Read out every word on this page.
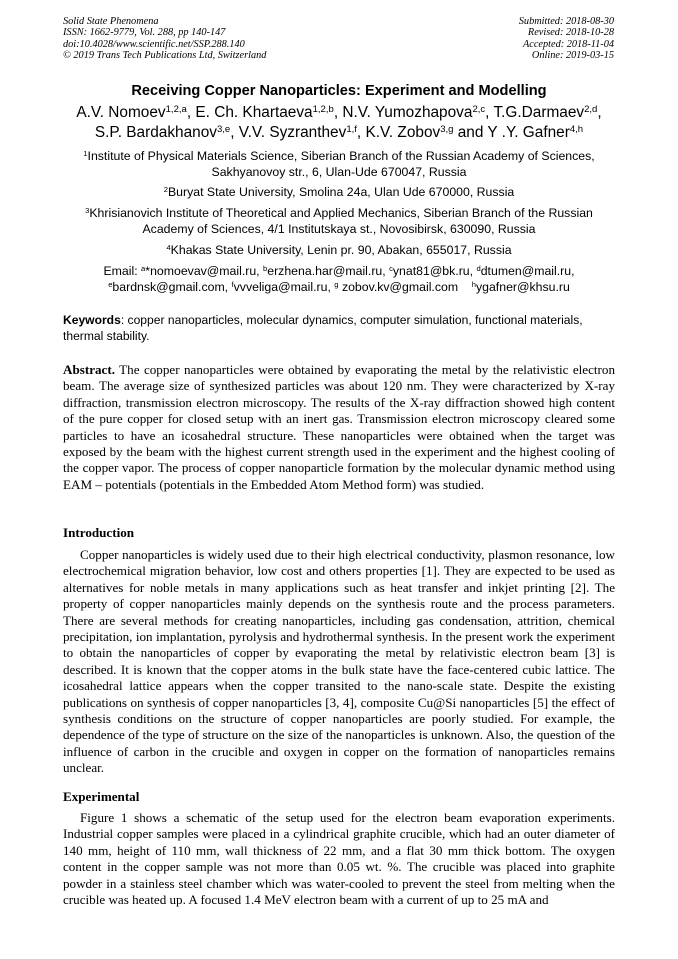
Solid State Phenomena
ISSN: 1662-9779, Vol. 288, pp 140-147
doi:10.4028/www.scientific.net/SSP.288.140
© 2019 Trans Tech Publications Ltd, Switzerland
Submitted: 2018-08-30
Revised: 2018-10-28
Accepted: 2018-11-04
Online: 2019-03-15
Receiving Copper Nanoparticles: Experiment and Modelling
A.V. Nomoev$^{1,2,a}$, E. Ch. Khartaeva$^{1,2,b}$, N.V. Yumozhapova$^{2,c}$, T.G.Darmaev$^{2,d}$,
S.P. Bardakhanov$^{3,e}$, V.V. Syzranthev$^{1,f}$, K.V. Zobov$^{3,g}$ and Y .Y. Gafner$^{4,h}$
$^1$Institute of Physical Materials Science, Siberian Branch of the Russian Academy of Sciences,
Sakhyanovoy str., 6, Ulan-Ude 670047, Russia
$^2$Buryat State University, Smolina 24a, Ulan Ude 670000, Russia
$^3$Khrisianovich Institute of Theoretical and Applied Mechanics, Siberian Branch of the Russian
Academy of Sciences, 4/1 Institutskaya st., Novosibirsk, 630090, Russia
$^4$Khakas State University, Lenin pr. 90, Abakan, 655017, Russia
Email: $^a$*nomoevav@mail.ru, $^b$erzhena.har@mail.ru, $^c$ynat81@bk.ru, $^d$dtumen@mail.ru,
$^e$bardnsk@gmail.com, $^f$vvveliga@mail.ru, $^g$ zobov.kv@gmail.com    $^h$ygafner@khsu.ru
Keywords: copper nanoparticles, molecular dynamics, computer simulation, functional materials, thermal stability.
Abstract. The copper nanoparticles were obtained by evaporating the metal by the relativistic electron beam. The average size of synthesized particles was about 120 nm. They were characterized by X-ray diffraction, transmission electron microscopy. The results of the X-ray diffraction showed high content of the pure copper for closed setup with an inert gas. Transmission electron microscopy cleared some particles to have an icosahedral structure. These nanoparticles were obtained when the target was exposed by the beam with the highest current strength used in the experiment and the highest cooling of the copper vapor. The process of copper nanoparticle formation by the molecular dynamic method using EAM – potentials (potentials in the Embedded Atom Method form) was studied.
Introduction
Copper nanoparticles is widely used due to their high electrical conductivity, plasmon resonance, low electrochemical migration behavior, low cost and others properties [1]. They are expected to be used as alternatives for noble metals in many applications such as heat transfer and inkjet printing [2]. The property of copper nanoparticles mainly depends on the synthesis route and the process parameters. There are several methods for creating nanoparticles, including gas condensation, attrition, chemical precipitation, ion implantation, pyrolysis and hydrothermal synthesis. In the present work the experiment to obtain the nanoparticles of copper by evaporating the metal by relativistic electron beam [3] is described. It is known that the copper atoms in the bulk state have the face-centered cubic lattice. The icosahedral lattice appears when the copper transited to the nano-scale state. Despite the existing publications on synthesis of copper nanoparticles [3, 4], composite Cu@Si nanoparticles [5] the effect of synthesis conditions on the structure of copper nanoparticles are poorly studied. For example, the dependence of the type of structure on the size of the nanoparticles is unknown. Also, the question of the influence of carbon in the crucible and oxygen in copper on the formation of nanoparticles remains unclear.
Experimental
Figure 1 shows a schematic of the setup used for the electron beam evaporation experiments. Industrial copper samples were placed in a cylindrical graphite crucible, which had an outer diameter of 140 mm, height of 110 mm, wall thickness of 22 mm, and a flat 30 mm thick bottom. The oxygen content in the copper sample was not more than 0.05 wt. %. The crucible was placed into graphite powder in a stainless steel chamber which was water-cooled to prevent the steel from melting when the crucible was heated up. A focused 1.4 MeV electron beam with a current of up to 25 mA and
